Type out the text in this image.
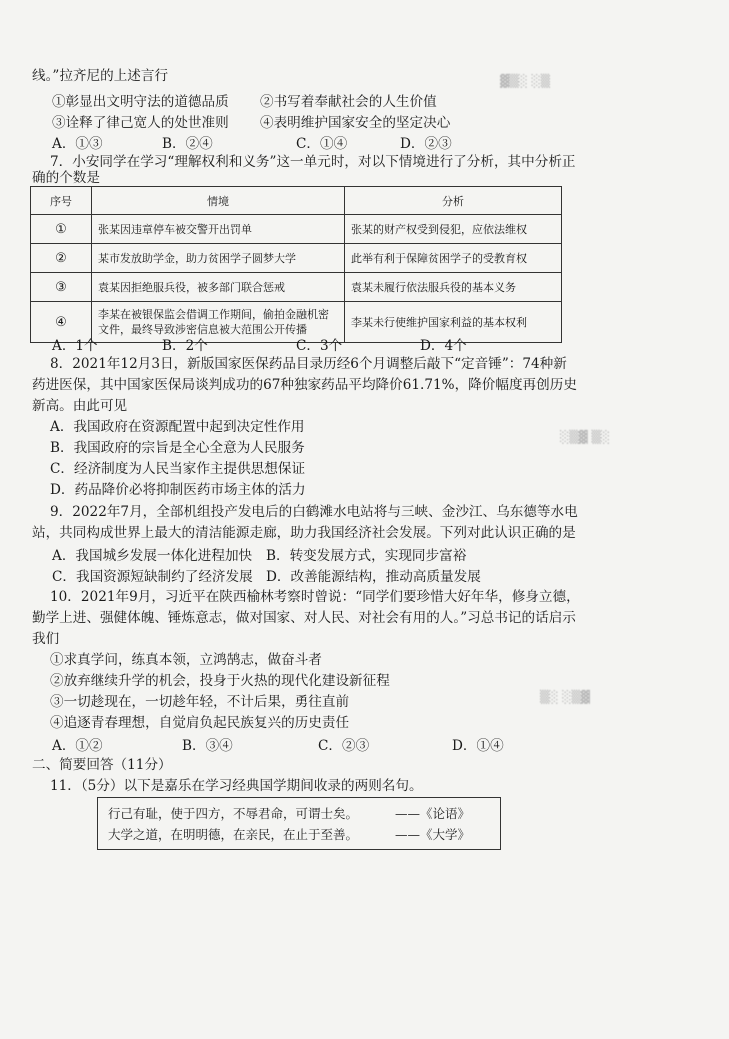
▓▒░ ░▒
░▒▓ ▒░
▒░ ░▒▓
线。”拉齐尼的上述言行
①彰显出文明守法的道德品质 ②书写着奉献社会的人生价值
③诠释了律己宽人的处世准则 ④表明维护国家安全的坚定决心
A．①③	B．②④	C．①④	D．②③
7．小安同学在学习“理解权利和义务”这一单元时，对以下情境进行了分析，其中分析正
确的个数是
序号	情境	分析
①	张某因违章停车被交警开出罚单	张某的财产权受到侵犯，应依法维权
②	某市发放助学金，助力贫困学子圆梦大学	此举有利于保障贫困学子的受教育权
③	袁某因拒绝服兵役，被多部门联合惩戒	袁某未履行依法服兵役的基本义务
④	李某在被银保监会借调工作期间，偷拍金融机密文件，最终导致涉密信息被大范围公开传播	李某未行使维护国家利益的基本权利
A．1个	B．2个	C．3个	D．4个
8．2021年12月3日，新版国家医保药品目录历经6个月调整后敲下“定音锤”：74种新
药进医保，其中国家医保局谈判成功的67种独家药品平均降价61.71%，降价幅度再创历史
新高。由此可见
A．我国政府在资源配置中起到决定性作用
B．我国政府的宗旨是全心全意为人民服务
C．经济制度为人民当家作主提供思想保证
D．药品降价必将抑制医药市场主体的活力
9．2022年7月，全部机组投产发电后的白鹤滩水电站将与三峡、金沙江、乌东德等水电
站，共同构成世界上最大的清洁能源走廊，助力我国经济社会发展。下列对此认识正确的是
A．我国城乡发展一体化进程加快 B．转变发展方式，实现同步富裕
C．我国资源短缺制约了经济发展 D．改善能源结构，推动高质量发展
10．2021年9月，习近平在陕西榆林考察时曾说：“同学们要珍惜大好年华，修身立德，
勤学上进、强健体魄、锤炼意志，做对国家、对人民、对社会有用的人。”习总书记的话启示
我们
①求真学问，练真本领，立鸿鹄志，做奋斗者
②放弃继续升学的机会，投身于火热的现代化建设新征程
③一切趁现在，一切趁年轻，不计后果，勇往直前
④追逐青春理想，自觉肩负起民族复兴的历史责任
A．①②	B．③④	C．②③	D．①④
二、简要回答（11分）
11．（5分）以下是嘉乐在学习经典国学期间收录的两则名句。
行己有耻，使于四方，不辱君命，可谓士矣。	——《论语》
大学之道，在明明德，在亲民，在止于至善。	——《大学》
